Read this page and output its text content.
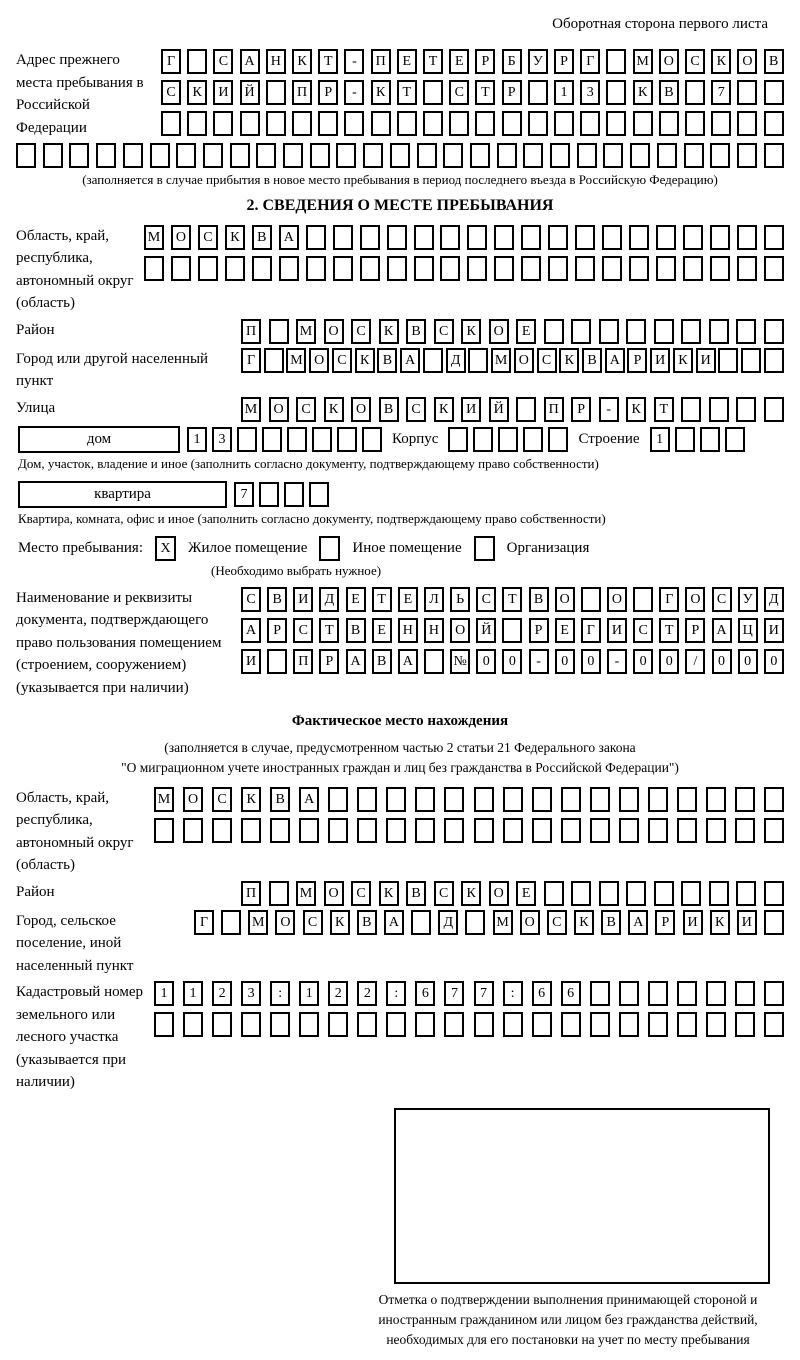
Оборотная сторона первого листа
Адрес прежнего места пребывания в Российской Федерации
Г	С	А	Н	К	Т	-	П	Е	Т	Е	Р	Б	У	Р	Г	М	О	С	К	О	В
С	К	И	Й	П	Р	-	К	Т	С	Т	Р	1	3	К	В	7
(заполняется в случае прибытия в новое место пребывания в период последнего въезда в Российскую Федерацию)
2. СВЕДЕНИЯ О МЕСТЕ ПРЕБЫВАНИЯ
Область, край, республика, автономный округ (область)
М	О	С	К	В	А
Район	П	М	О	С	К	В	С	К	О	Е
Город или другой населенный пункт
Г	М О С К В А	Д	М О С К В А Р И К И
Улица	М	О	С	К	О	В	С	К	И	Й	П	Р	-	К	Т
дом	1	3	Корпус	Строение	1
Дом, участок, владение и иное (заполнить согласно документу, подтверждающему право собственности)
квартира	7
Квартира, комната, офис и иное (заполнить согласно документу, подтверждающему право собственности)
Место пребывания:	X	Жилое помещение	Иное помещение	Организация
(Необходимо выбрать нужное)
Наименование и реквизиты документа, подтверждающего право пользования помещением (строением, сооружением) (указывается при наличии)
С	В	И	Д	Е	Т	Е	Л	Ь	С	Т	В	О	О	Г	О	С	У	Д
А	Р	С	Т	В	Е	Н	Н	О	Й	Р	Е	Г	И	С	Т	Р	А	Ц	И
И	П	Р	А	В	А	№	0	0	-	0	0	-	0	0	/	0	0	0
Фактическое место нахождения
(заполняется в случае, предусмотренном частью 2 статьи 21 Федерального закона
"О миграционном учете иностранных граждан и лиц без гражданства в Российской Федерации")
Область, край, республика, автономный округ (область)
М	О	С	К	В	А
Район	П	М	О	С	К	В	С	К	О	Е
Город, сельское поселение, иной населенный пункт
Г	М	О	С	К	В	А	Д	М	О	С	К	В	А	Р	И	К	И
Кадастровый номер земельного или лесного участка (указывается при наличии)
1	1	2	3	:	1	2	2	:	6	7	7	:	6	6
Отметка о подтверждении выполнения принимающей стороной и иностранным гражданином или лицом без гражданства действий, необходимых для его постановки на учет по месту пребывания
